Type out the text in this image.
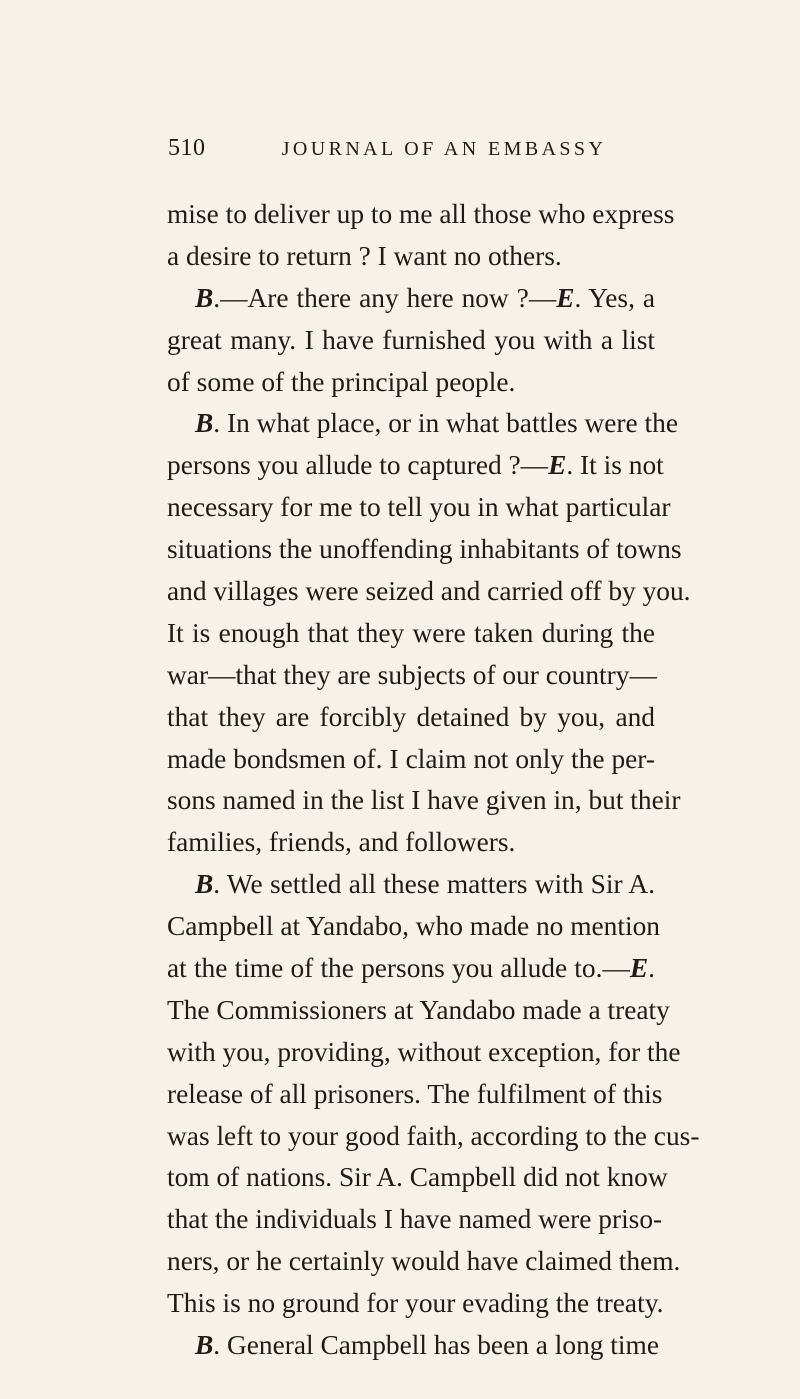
510	JOURNAL OF AN EMBASSY
mise to deliver up to me all those who express
a desire to return ? I want no others.
B.—Are there any here now ?—E. Yes, a
great many. I have furnished you with a list
of some of the principal people.
B. In what place, or in what battles were the
persons you allude to captured ?—E. It is not
necessary for me to tell you in what particular
situations the unoffending inhabitants of towns
and villages were seized and carried off by you.
It is enough that they were taken during the
war—that they are subjects of our country—
that they are forcibly detained by you, and
made bondsmen of. I claim not only the per-
sons named in the list I have given in, but their
families, friends, and followers.
B. We settled all these matters with Sir A.
Campbell at Yandabo, who made no mention
at the time of the persons you allude to.—E.
The Commissioners at Yandabo made a treaty
with you, providing, without exception, for the
release of all prisoners. The fulfilment of this
was left to your good faith, according to the cus-
tom of nations. Sir A. Campbell did not know
that the individuals I have named were priso-
ners, or he certainly would have claimed them.
This is no ground for your evading the treaty.
B. General Campbell has been a long time
